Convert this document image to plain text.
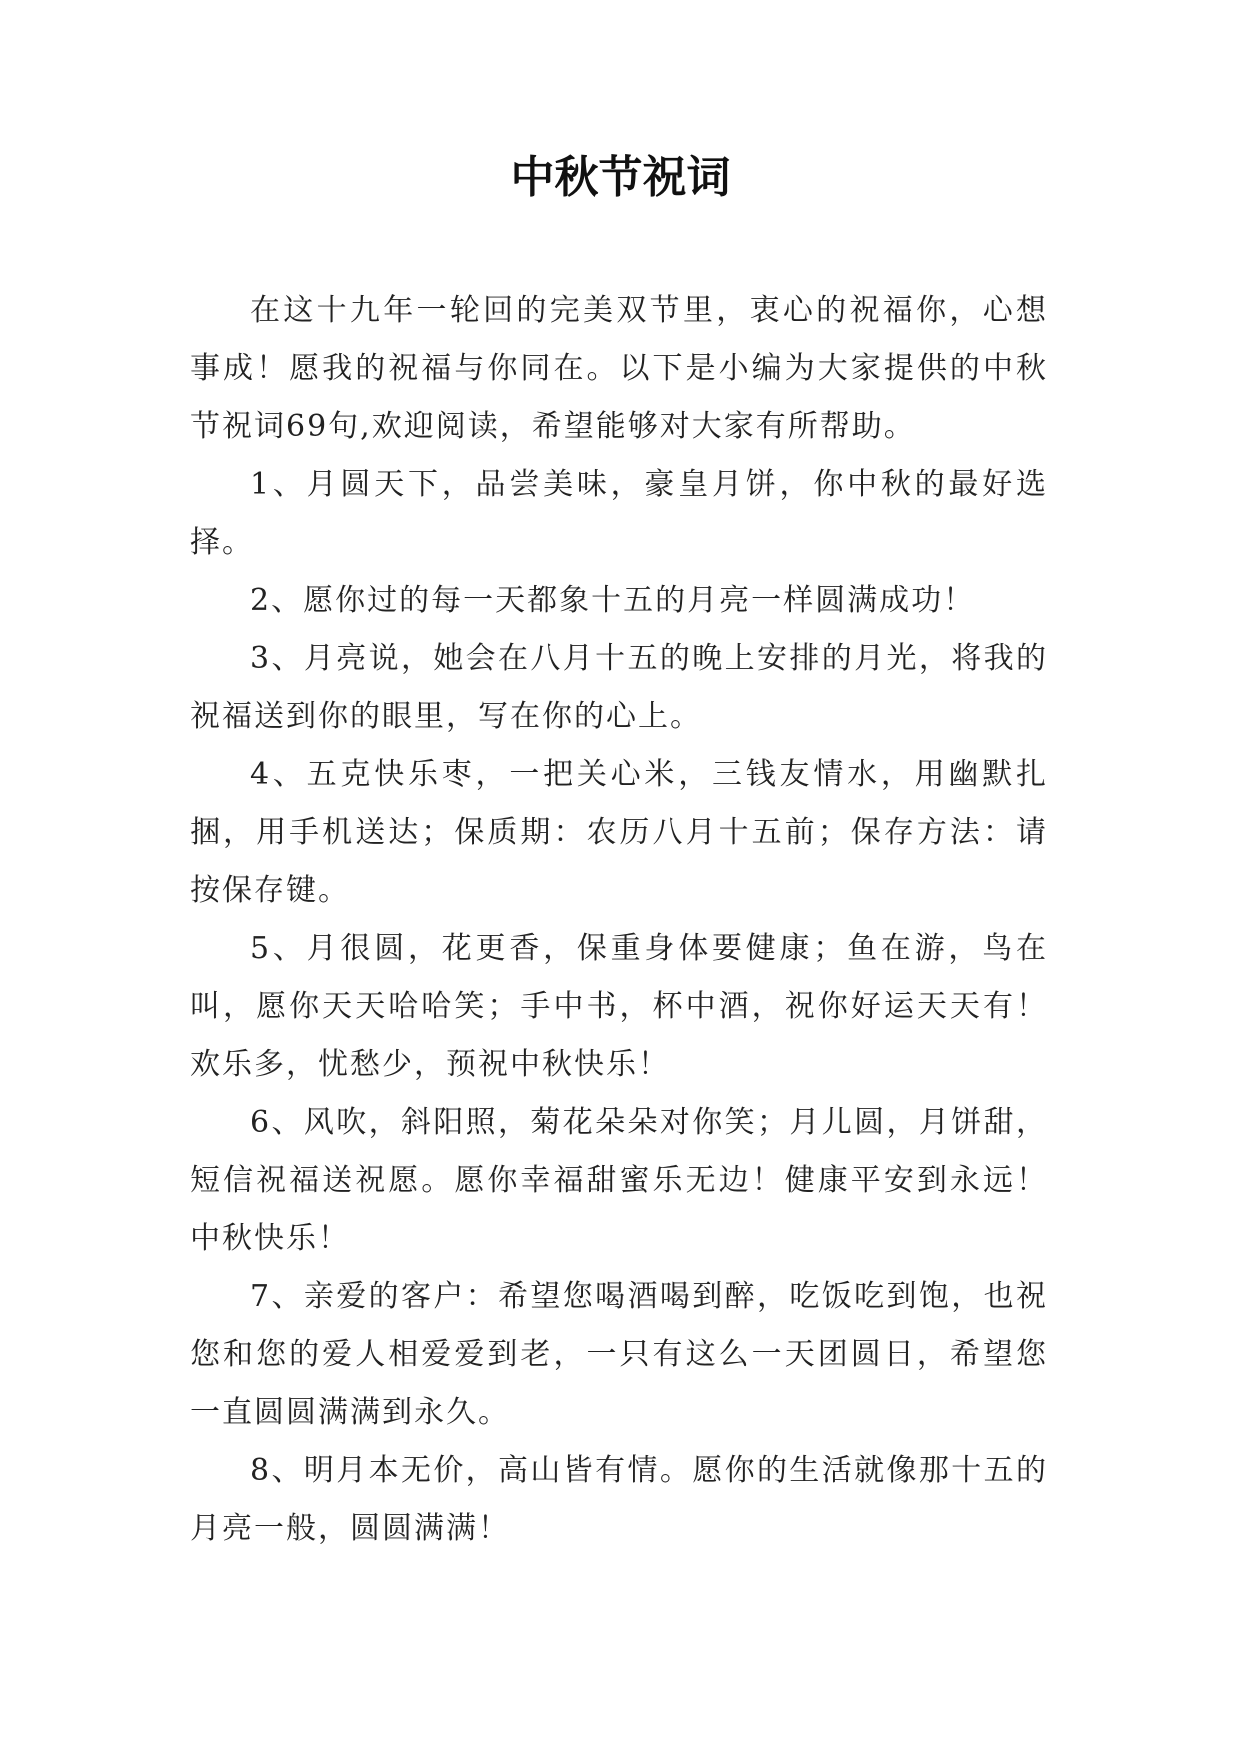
中秋节祝词

在这十九年一轮回的完美双节里，衷心的祝福你，心想事成！愿我的祝福与你同在。以下是小编为大家提供的中秋节祝词69句,欢迎阅读，希望能够对大家有所帮助。

1、月圆天下，品尝美味，豪皇月饼，你中秋的最好选择。

2、愿你过的每一天都象十五的月亮一样圆满成功！

3、月亮说，她会在八月十五的晚上安排的月光，将我的祝福送到你的眼里，写在你的心上。

4、五克快乐枣，一把关心米，三钱友情水，用幽默扎捆，用手机送达；保质期：农历八月十五前；保存方法：请按保存键。

5、月很圆，花更香，保重身体要健康；鱼在游，鸟在叫，愿你天天哈哈笑；手中书，杯中酒，祝你好运天天有！欢乐多，忧愁少，预祝中秋快乐！

6、风吹，斜阳照，菊花朵朵对你笑；月儿圆，月饼甜，短信祝福送祝愿。愿你幸福甜蜜乐无边！健康平安到永远！中秋快乐！

7、亲爱的客户：希望您喝酒喝到醉，吃饭吃到饱，也祝您和您的爱人相爱爱到老，一只有这么一天团圆日，希望您一直圆圆满满到永久。

8、明月本无价，高山皆有情。愿你的生活就像那十五的月亮一般，圆圆满满！
